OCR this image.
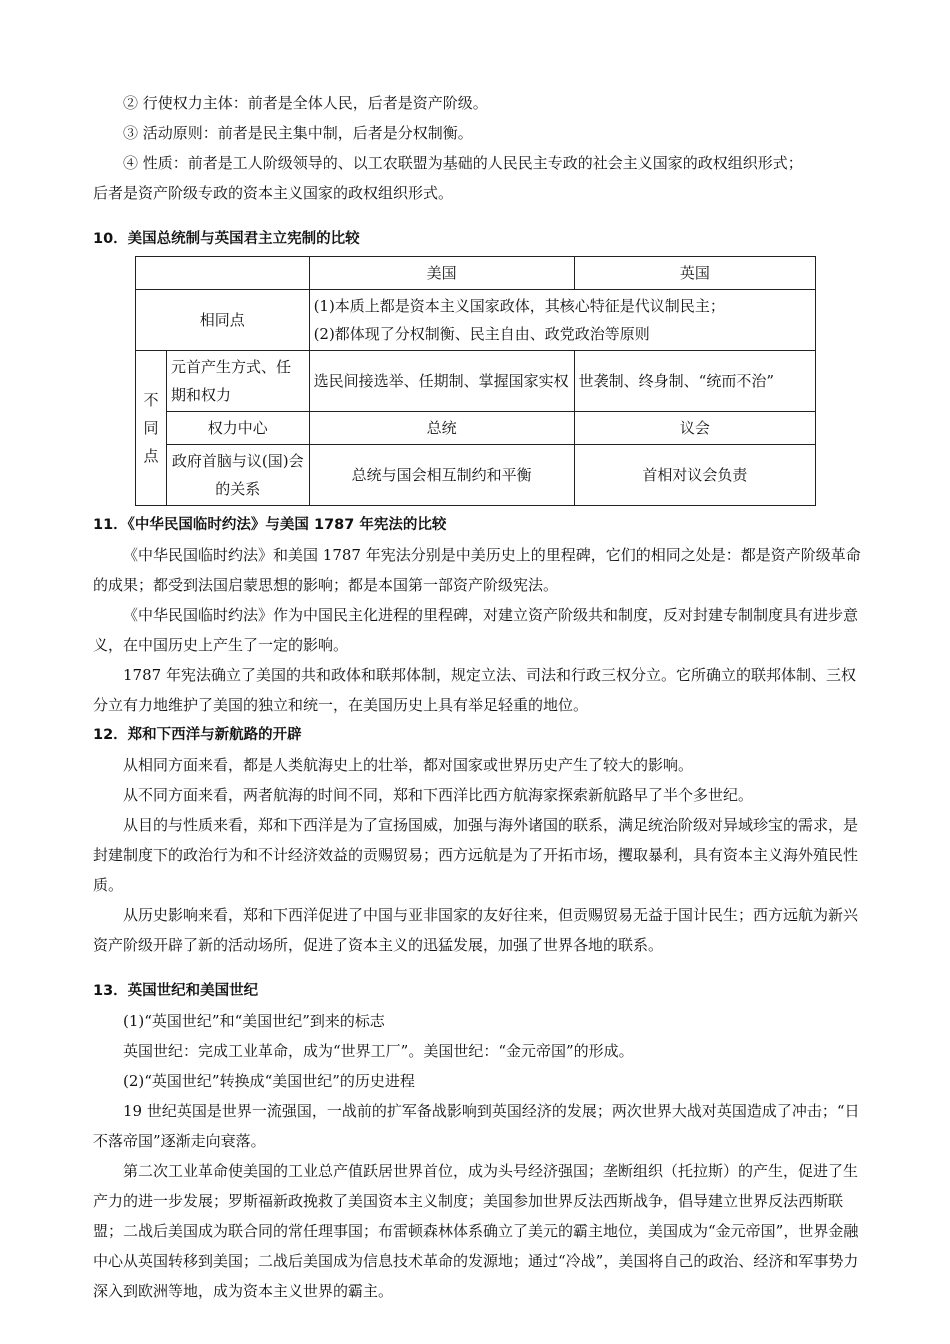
② 行使权力主体：前者是全体人民，后者是资产阶级。

③ 活动原则：前者是民主集中制，后者是分权制衡。

④ 性质：前者是工人阶级领导的、以工农联盟为基础的人民民主专政的社会主义国家的政权组织形式；

后者是资产阶级专政的资本主义国家的政权组织形式。

10．美国总统制与英国君主立宪制的比较

		美国	英国
相同点		(1)本质上都是资本主义国家政体，其核心特征是代议制民主；
(2)都体现了分权制衡、民主自由、政党政治等原则	

不
同
点	元首产生方式、任期和权力	选民间接选举、任期制、掌握国家实权	世袭制、终身制、“统而不治”
	权力中心	总统	议会
	政府首脑与议(国)会的关系	总统与国会相互制约和平衡	首相对议会负责

11．《中华民国临时约法》与美国 1787 年宪法的比较

《中华民国临时约法》和美国 1787 年宪法分别是中美历史上的里程碑，它们的相同之处是：都是资产阶级革命的成果；都受到法国启蒙思想的影响；都是本国第一部资产阶级宪法。

《中华民国临时约法》作为中国民主化进程的里程碑，对建立资产阶级共和制度，反对封建专制制度具有进步意义，在中国历史上产生了一定的影响。

1787 年宪法确立了美国的共和政体和联邦体制，规定立法、司法和行政三权分立。它所确立的联邦体制、三权分立有力地维护了美国的独立和统一，在美国历史上具有举足轻重的地位。

12．郑和下西洋与新航路的开辟

从相同方面来看，都是人类航海史上的壮举，都对国家或世界历史产生了较大的影响。

从不同方面来看，两者航海的时间不同，郑和下西洋比西方航海家探索新航路早了半个多世纪。

从目的与性质来看，郑和下西洋是为了宣扬国威，加强与海外诸国的联系，满足统治阶级对异域珍宝的需求，是封建制度下的政治行为和不计经济效益的贡赐贸易；西方远航是为了开拓市场，攫取暴利，具有资本主义海外殖民性质。

从历史影响来看，郑和下西洋促进了中国与亚非国家的友好往来，但贡赐贸易无益于国计民生；西方远航为新兴资产阶级开辟了新的活动场所，促进了资本主义的迅猛发展，加强了世界各地的联系。

13．英国世纪和美国世纪

(1)“英国世纪”和“美国世纪”到来的标志

英国世纪：完成工业革命，成为“世界工厂”。美国世纪：“金元帝国”的形成。

(2)“英国世纪”转换成“美国世纪”的历史进程

19 世纪英国是世界一流强国，一战前的扩军备战影响到英国经济的发展；两次世界大战对英国造成了冲击；“日不落帝国”逐渐走向衰落。

第二次工业革命使美国的工业总产值跃居世界首位，成为头号经济强国；垄断组织（托拉斯）的产生，促进了生产力的进一步发展；罗斯福新政挽救了美国资本主义制度；美国参加世界反法西斯战争，倡导建立世界反法西斯联盟；二战后美国成为联合同的常任理事国；布雷顿森林体系确立了美元的霸主地位，美国成为“金元帝国”，世界金融中心从英国转移到美国；二战后美国成为信息技术革命的发源地；通过“冷战”，美国将自己的政治、经济和军事势力深入到欧洲等地，成为资本主义世界的霸主。
